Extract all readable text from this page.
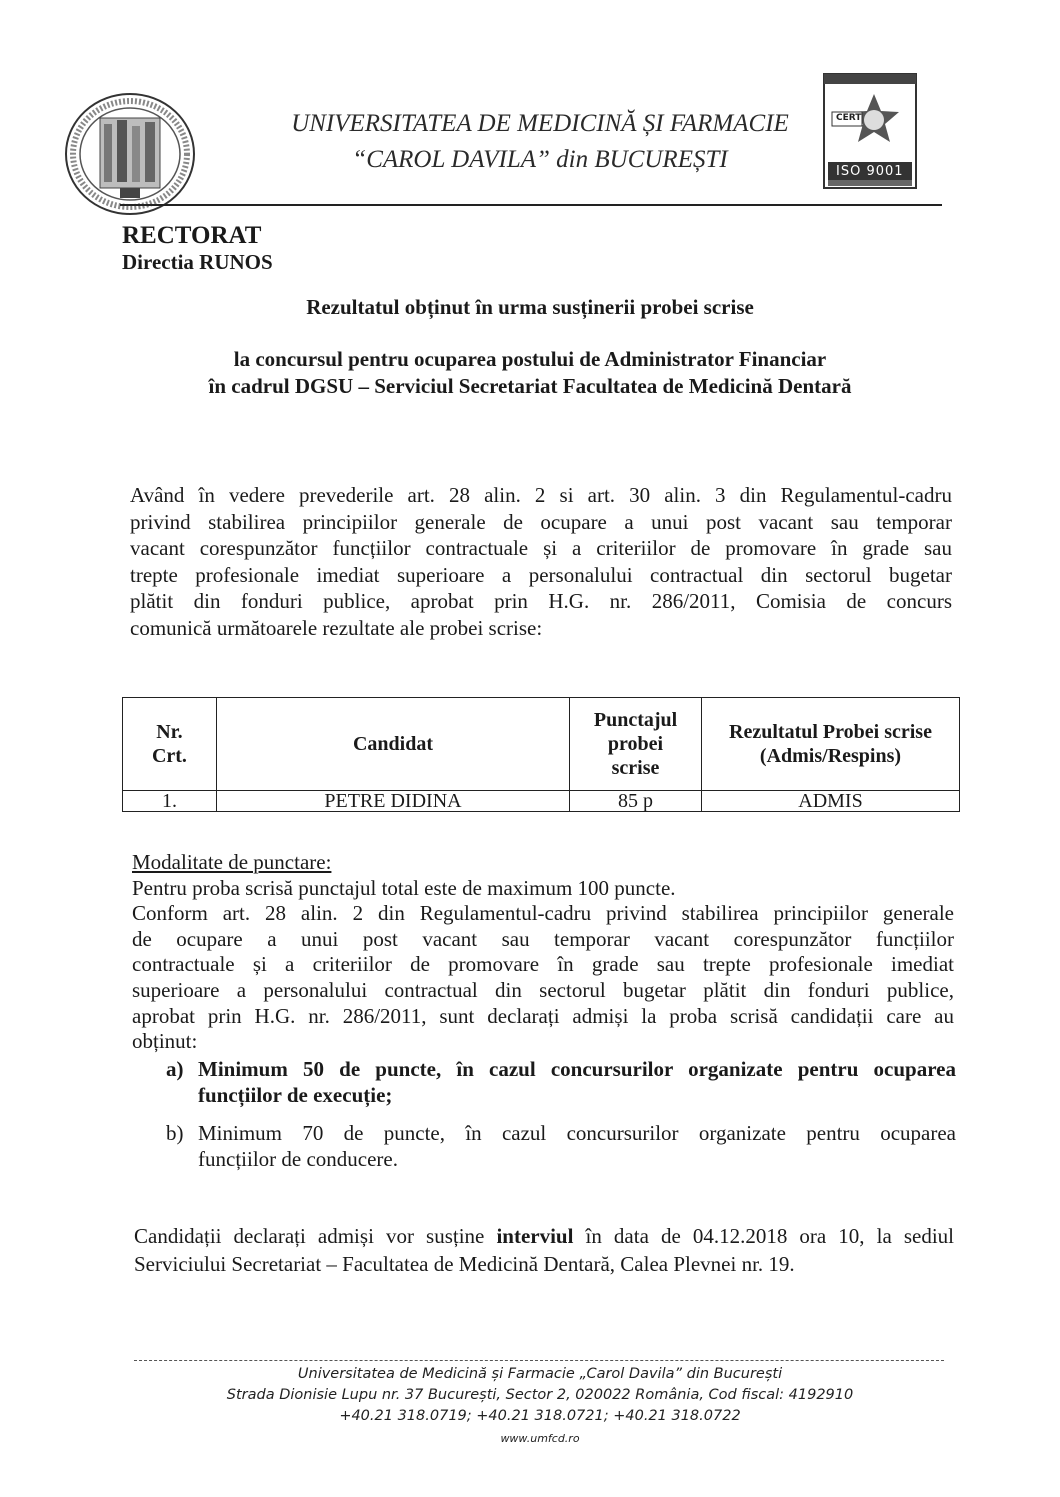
UNIVERSITATEA DE MEDICINĂ ȘI FARMACIE
“CAROL DAVILA” din BUCUREȘTI
CERT
ISO 9001
RECTORAT
Directia RUNOS
Rezultatul obținut în urma susținerii probei scrise
la concursul pentru ocuparea postului de Administrator Financiar
în cadrul DGSU – Serviciul Secretariat Facultatea de Medicină Dentară
Având în vedere prevederile art. 28 alin. 2 si art. 30 alin. 3 din Regulamentul-cadru
privind stabilirea principiilor generale de ocupare a unui post vacant sau temporar
vacant corespunzător funcțiilor contractuale și a criteriilor de promovare în grade sau
trepte profesionale imediat superioare a personalului contractual din sectorul bugetar
plătit din fonduri publice, aprobat prin H.G. nr. 286/2011, Comisia de concurs
comunică următoarele rezultate ale probei scrise:
Nr. Crt.	Candidat	Punctajul probei scrise	Rezultatul Probei scrise (Admis/Respins)
1.	PETRE DIDINA	85 p	ADMIS
Modalitate de punctare:
Pentru proba scrisă punctajul total este de maximum 100 puncte.
Conform art. 28 alin. 2 din Regulamentul-cadru privind stabilirea principiilor generale
de ocupare a unui post vacant sau temporar vacant corespunzător funcțiilor
contractuale și a criteriilor de promovare în grade sau trepte profesionale imediat
superioare a personalului contractual din sectorul bugetar plătit din fonduri publice,
aprobat prin H.G. nr. 286/2011, sunt declarați admiși la proba scrisă candidații care au
obținut:
a) Minimum 50 de puncte, în cazul concursurilor organizate pentru ocuparea
funcțiilor de execuție;
b) Minimum 70 de puncte, în cazul concursurilor organizate pentru ocuparea
funcțiilor de conducere.
Candidații declarați admiși vor susține interviul în data de 04.12.2018 ora 10, la sediul
Serviciului Secretariat – Facultatea de Medicină Dentară, Calea Plevnei nr. 19.
Universitatea de Medicină și Farmacie „Carol Davila” din București
Strada Dionisie Lupu nr. 37 București, Sector 2, 020022 România, Cod fiscal: 4192910
+40.21 318.0719; +40.21 318.0721; +40.21 318.0722
www.umfcd.ro
